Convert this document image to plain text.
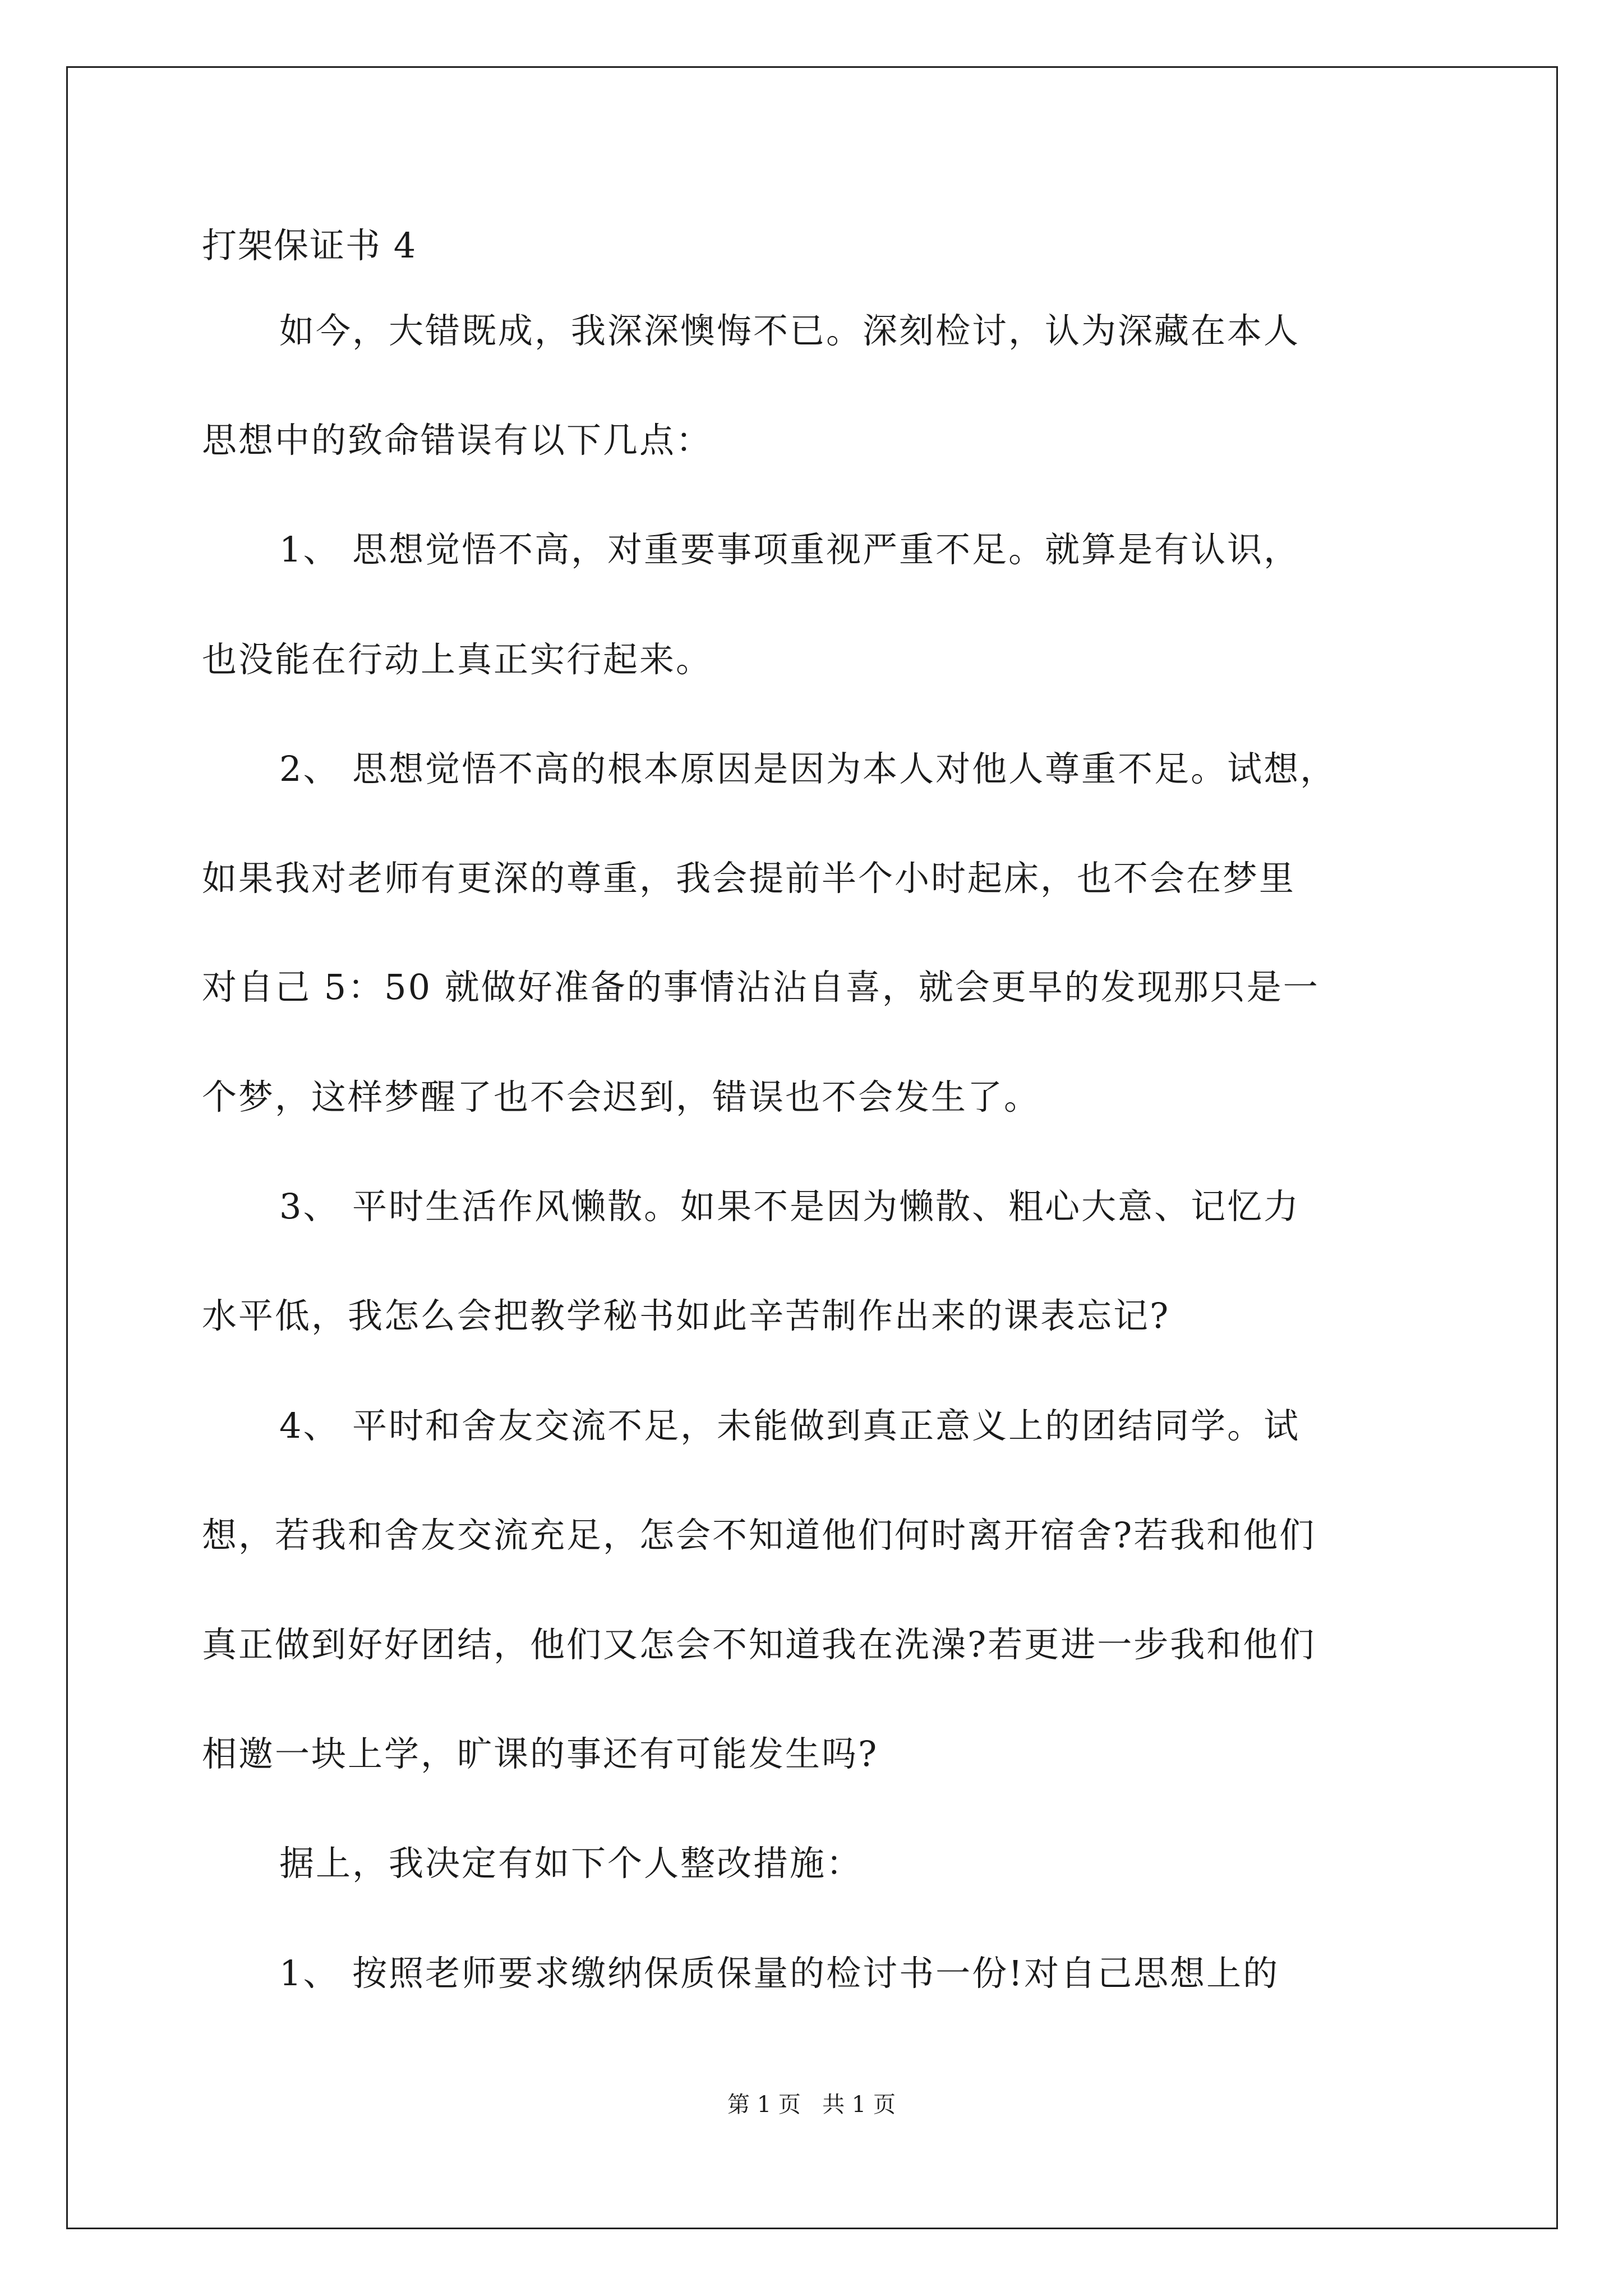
打架保证书 4
如今，大错既成，我深深懊悔不已。深刻检讨，认为深藏在本人
思想中的致命错误有以下几点：
1、 思想觉悟不高，对重要事项重视严重不足。就算是有认识，
也没能在行动上真正实行起来。
2、 思想觉悟不高的根本原因是因为本人对他人尊重不足。试想，
如果我对老师有更深的尊重，我会提前半个小时起床，也不会在梦里
对自己 5：50 就做好准备的事情沾沾自喜，就会更早的发现那只是一
个梦，这样梦醒了也不会迟到，错误也不会发生了。
3、 平时生活作风懒散。如果不是因为懒散、粗心大意、记忆力
水平低，我怎么会把教学秘书如此辛苦制作出来的课表忘记?
4、 平时和舍友交流不足，未能做到真正意义上的团结同学。试
想，若我和舍友交流充足，怎会不知道他们何时离开宿舍?若我和他们
真正做到好好团结，他们又怎会不知道我在洗澡?若更进一步我和他们
相邀一块上学，旷课的事还有可能发生吗?
据上，我决定有如下个人整改措施：
1、 按照老师要求缴纳保质保量的检讨书一份!对自己思想上的
第 1 页   共 1 页
